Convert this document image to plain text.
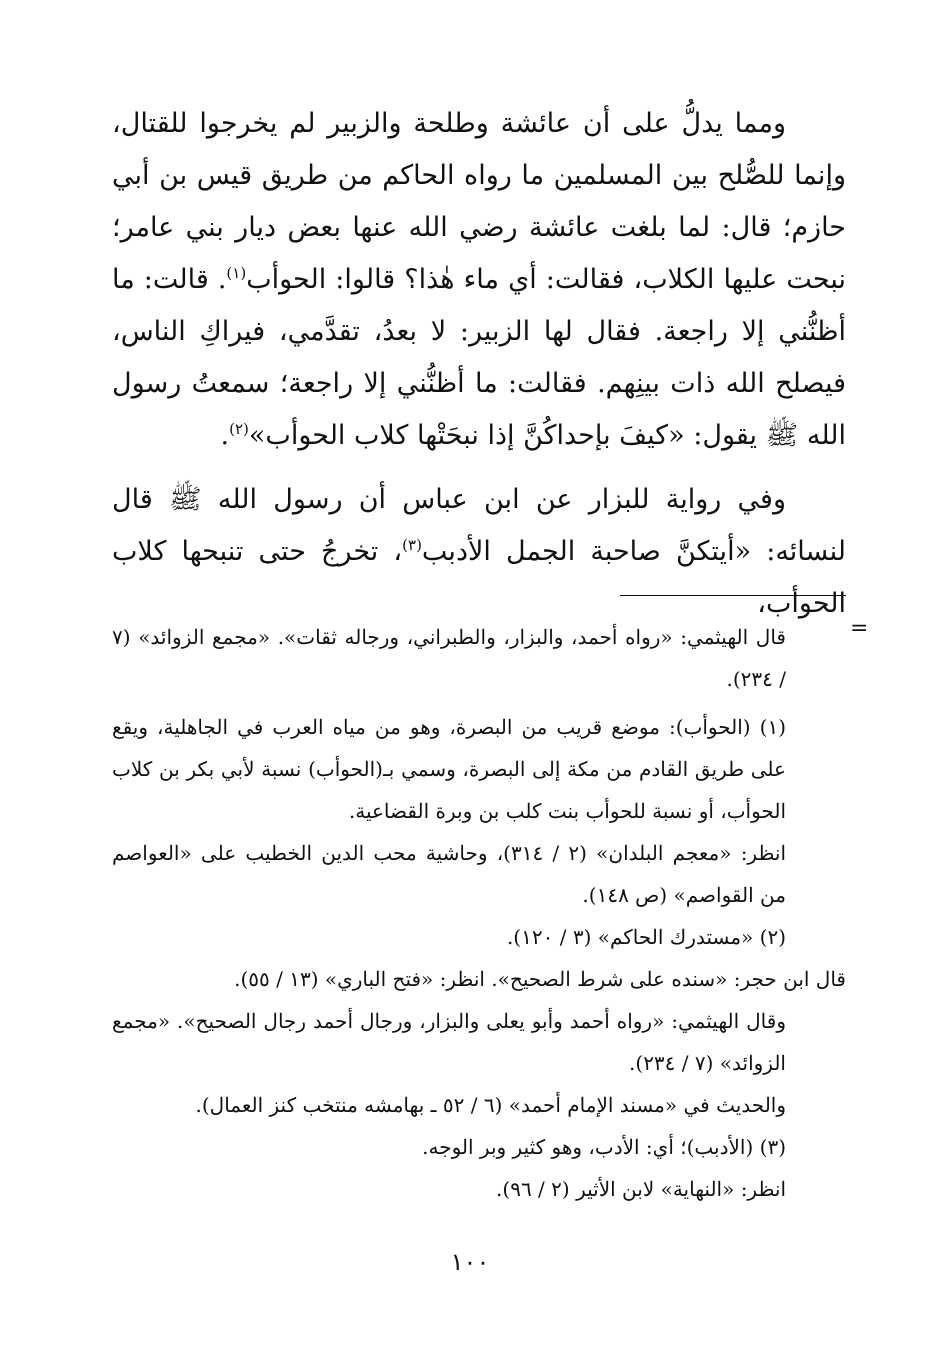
ومما يدلُّ على أن عائشة وطلحة والزبير لم يخرجوا للقتال، وإنما للصُّلح بين المسلمين ما رواه الحاكم من طريق قيس بن أبي حازم؛ قال: لما بلغت عائشة رضي الله عنها بعض ديار بني عامر؛ نبحت عليها الكلاب، فقالت: أي ماء هٰذا؟ قالوا: الحوأب$^{(١)}$. قالت: ما أظنُّني إلا راجعة. فقال لها الزبير: لا بعدُ، تقدَّمي، فيراكِ الناس، فيصلح الله ذات بينِهم. فقالت: ما أظنُّني إلا راجعة؛ سمعتُ رسول الله ﷺ يقول: «كيفَ بإحداكُنَّ إذا نبحَتْها كلاب الحوأب»$^{(٢)}$.

وفي رواية للبزار عن ابن عباس أن رسول الله ﷺ قال لنسائه: «أيتكنَّ صاحبة الجمل الأدبب$^{(٣)}$، تخرجُ حتى تنبحها كلاب الحوأب،

=

قال الهيثمي: «رواه أحمد، والبزار، والطبراني، ورجاله ثقات». «مجمع الزوائد» (٧ / ٢٣٤).

(١) (الحوأب): موضع قريب من البصرة، وهو من مياه العرب في الجاهلية، ويقع على طريق القادم من مكة إلى البصرة، وسمي بـ(الحوأب) نسبة لأبي بكر بن كلاب الحوأب، أو نسبة للحوأب بنت كلب بن وبرة القضاعية.

انظر: «معجم البلدان» (٢ / ٣١٤)، وحاشية محب الدين الخطيب على «العواصم من القواصم» (ص ١٤٨).

(٢) «مستدرك الحاكم» (٣ / ١٢٠).

قال ابن حجر: «سنده على شرط الصحيح». انظر: «فتح الباري» (١٣ / ٥٥).

وقال الهيثمي: «رواه أحمد وأبو يعلى والبزار، ورجال أحمد رجال الصحيح». «مجمع الزوائد» (٧ / ٢٣٤).

والحديث في «مسند الإمام أحمد» (٦ / ٥٢ ـ بهامشه منتخب كنز العمال).

(٣) (الأدبب)؛ أي: الأدب، وهو كثير وبر الوجه.

انظر: «النهاية» لابن الأثير (٢ / ٩٦).

١٠٠
